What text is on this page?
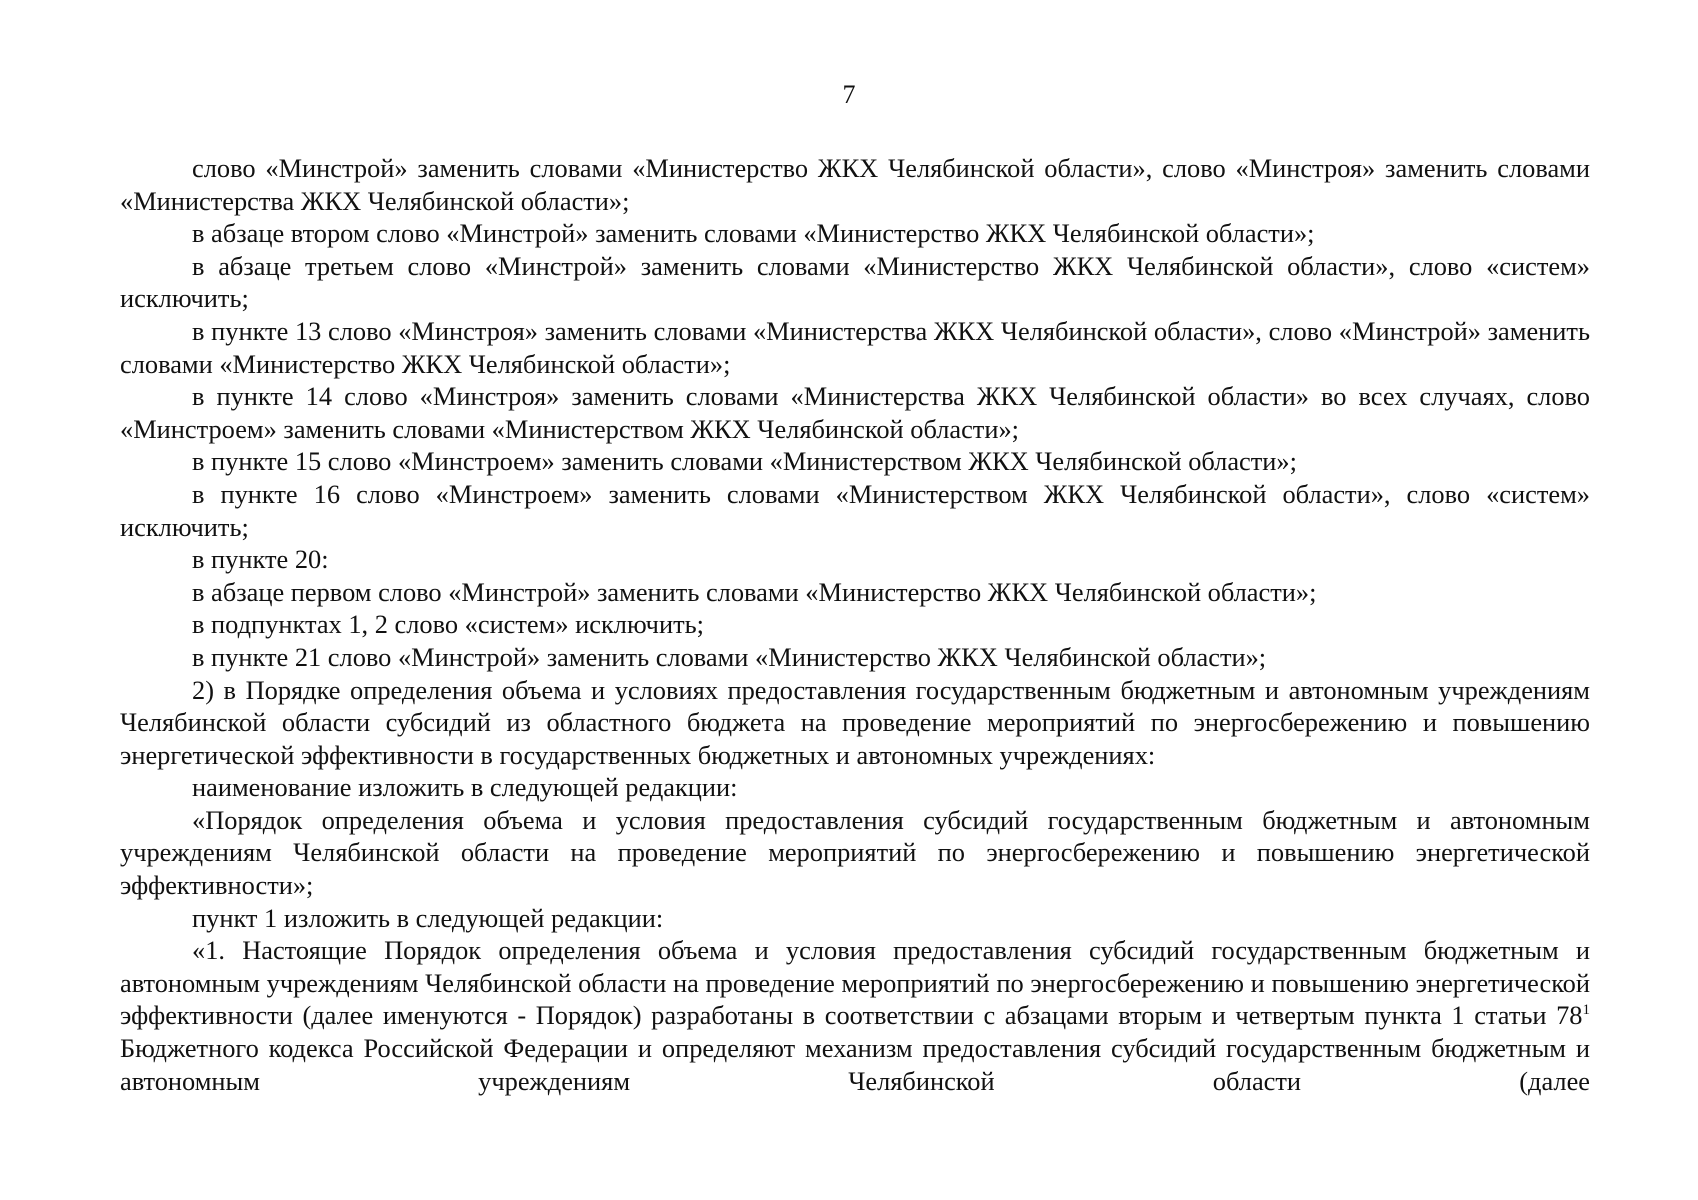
7

слово «Минстрой» заменить словами «Министерство ЖКХ Челябинской области», слово «Минстроя» заменить словами «Министерства ЖКХ Челябинской области»;

в абзаце втором слово «Минстрой» заменить словами «Министерство ЖКХ Челябинской области»;

в абзаце третьем слово «Минстрой» заменить словами «Министерство ЖКХ Челябинской области», слово «систем» исключить;

в пункте 13 слово «Минстроя» заменить словами «Министерства ЖКХ Челябинской области», слово «Минстрой» заменить словами «Министерство ЖКХ Челябинской области»;

в пункте 14 слово «Минстроя» заменить словами «Министерства ЖКХ Челябинской области» во всех случаях, слово «Минстроем» заменить словами «Министерством ЖКХ Челябинской области»;

в пункте 15 слово «Минстроем» заменить словами «Министерством ЖКХ Челябинской области»;

в пункте 16 слово «Минстроем» заменить словами «Министерством ЖКХ Челябинской области», слово «систем» исключить;

в пункте 20:

в абзаце первом слово «Минстрой» заменить словами «Министерство ЖКХ Челябинской области»;

в подпунктах 1, 2 слово «систем» исключить;

в пункте 21 слово «Минстрой» заменить словами «Министерство ЖКХ Челябинской области»;

2) в Порядке определения объема и условиях предоставления государственным бюджетным и автономным учреждениям Челябинской области субсидий из областного бюджета на проведение мероприятий по энергосбережению и повышению энергетической эффективности в государственных бюджетных и автономных учреждениях:

наименование изложить в следующей редакции:

«Порядок определения объема и условия предоставления субсидий государственным бюджетным и автономным учреждениям Челябинской области на проведение мероприятий по энергосбережению и повышению энергетической эффективности»;

пункт 1 изложить в следующей редакции:

«1. Настоящие Порядок определения объема и условия предоставления субсидий государственным бюджетным и автономным учреждениям Челябинской области на проведение мероприятий по энергосбережению и повышению энергетической эффективности (далее именуются - Порядок) разработаны в соответствии с абзацами вторым и четвертым пункта 1 статьи $78^1$ Бюджетного кодекса Российской Федерации и определяют механизм предоставления субсидий государственным бюджетным и автономным учреждениям Челябинской области (далее
